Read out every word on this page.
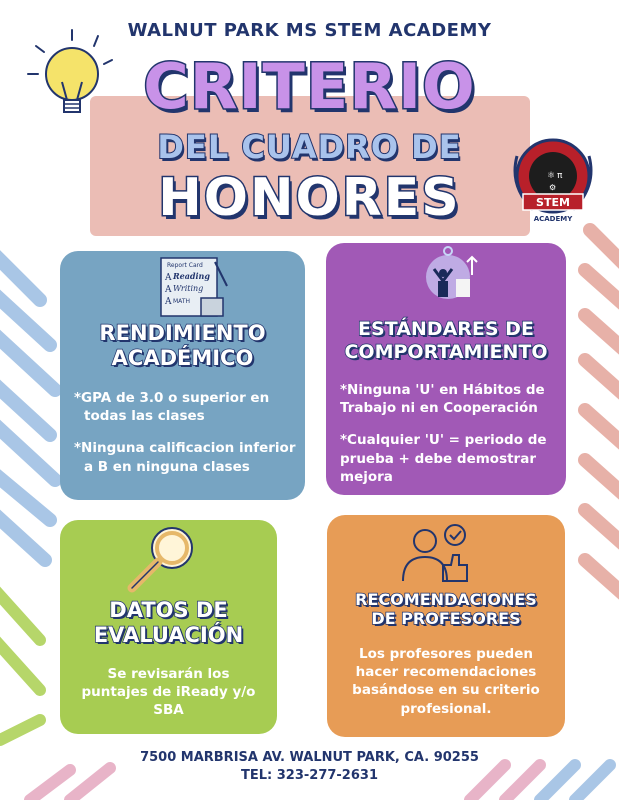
WALNUT PARK MS STEM ACADEMY
CRITERIO
DEL CUADRO DE
HONORES	⚛ π
⚙
STEM
ACADEMY
Report Card
A Reading
A Writing
A MATH
RENDIMIENTO
ACADÉMICO
*GPA de 3.0 o superior en
todas las clases
*Ninguna calificacion inferior
a B en ninguna clases
ESTÁNDARES DE
COMPORTAMIENTO
*Ninguna 'U' en Hábitos de
Trabajo ni en Cooperación
*Cualquier 'U' = periodo de
prueba + debe demostrar
mejora
DATOS DE
EVALUACIÓN
Se revisarán los
puntajes de iReady y/o
SBA
RECOMENDACIONES
DE PROFESORES
Los profesores pueden
hacer recomendaciones
basándose en su criterio
profesional.
7500 MARBRISA AV. WALNUT PARK, CA. 90255
TEL: 323-277-2631
